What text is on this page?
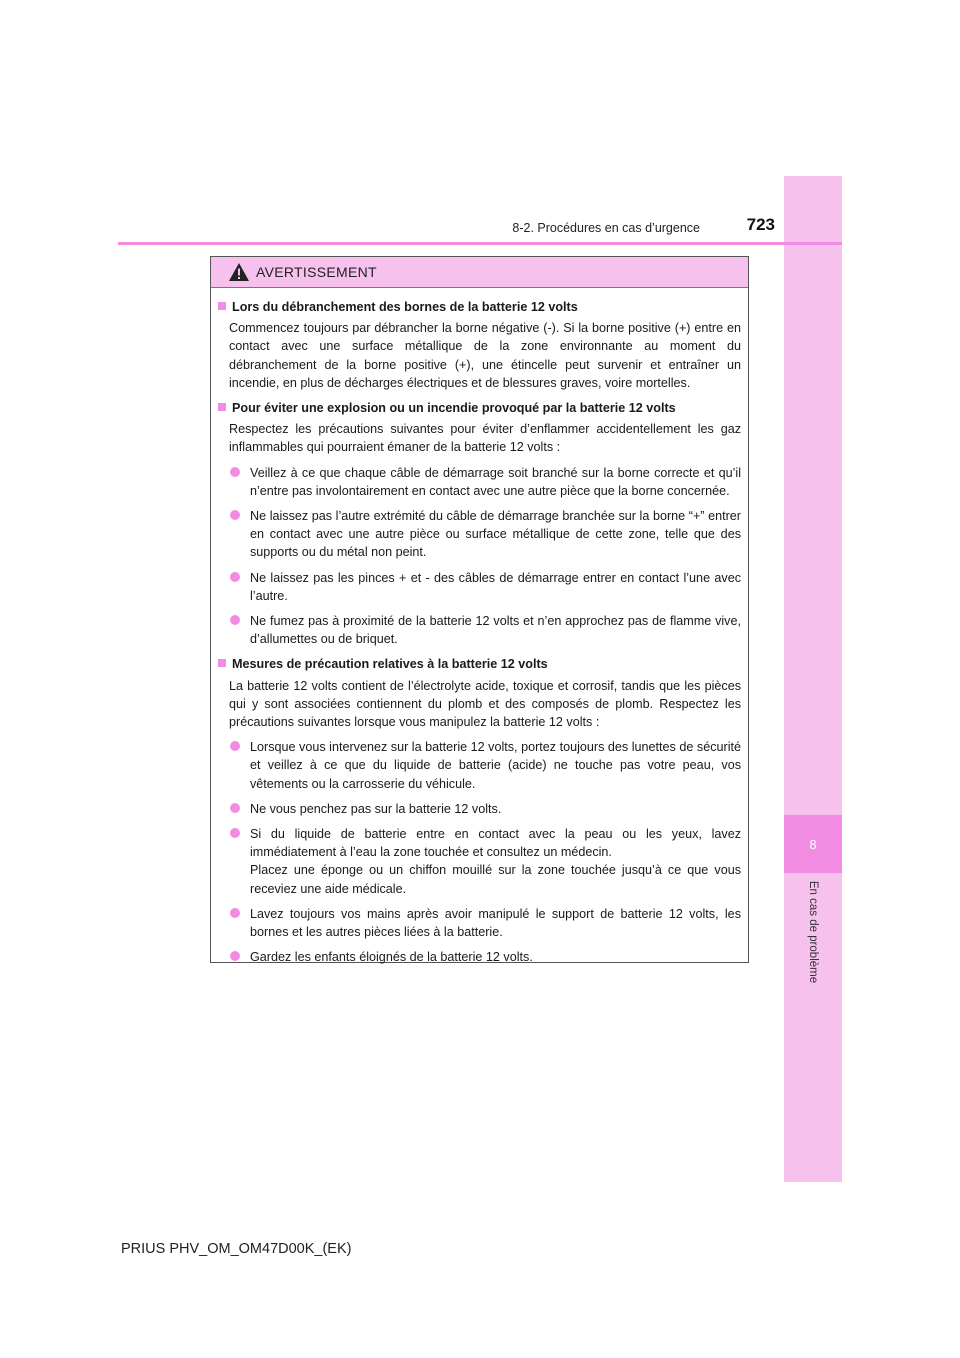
8
En cas de problème
8-2. Procédures en cas d’urgence	723
AVERTISSEMENT

Lors du débranchement des bornes de la batterie 12 volts

Commencez toujours par débrancher la borne négative (-). Si la borne positive (+) entre en contact avec une surface métallique de la zone environnante au moment du débranchement de la borne positive (+), une étincelle peut survenir et entraîner un incendie, en plus de décharges électriques et de blessures graves, voire mortelles.

Pour éviter une explosion ou un incendie provoqué par la batterie 12 volts

Respectez les précautions suivantes pour éviter d’enflammer accidentellement les gaz inflammables qui pourraient émaner de la batterie 12 volts :

Veillez à ce que chaque câble de démarrage soit branché sur la borne correcte et qu’il n’entre pas involontairement en contact avec une autre pièce que la borne concernée.
Ne laissez pas l’autre extrémité du câble de démarrage branchée sur la borne “+” entrer en contact avec une autre pièce ou surface métallique de cette zone, telle que des supports ou du métal non peint.
Ne laissez pas les pinces + et - des câbles de démarrage entrer en contact l’une avec l’autre.
Ne fumez pas à proximité de la batterie 12 volts et n’en approchez pas de flamme vive, d’allumettes ou de briquet.

Mesures de précaution relatives à la batterie 12 volts

La batterie 12 volts contient de l’électrolyte acide, toxique et corrosif, tandis que les pièces qui y sont associées contiennent du plomb et des composés de plomb. Respectez les précautions suivantes lorsque vous manipulez la batterie 12 volts :

Lorsque vous intervenez sur la batterie 12 volts, portez toujours des lunettes de sécurité et veillez à ce que du liquide de batterie (acide) ne touche pas votre peau, vos vêtements ou la carrosserie du véhicule.
Ne vous penchez pas sur la batterie 12 volts.
Si du liquide de batterie entre en contact avec la peau ou les yeux, lavez immédiatement à l’eau la zone touchée et consultez un médecin.
Placez une éponge ou un chiffon mouillé sur la zone touchée jusqu’à ce que vous receviez une aide médicale.
Lavez toujours vos mains après avoir manipulé le support de batterie 12 volts, les bornes et les autres pièces liées à la batterie.
Gardez les enfants éloignés de la batterie 12 volts.
PRIUS PHV_OM_OM47D00K_(EK)
